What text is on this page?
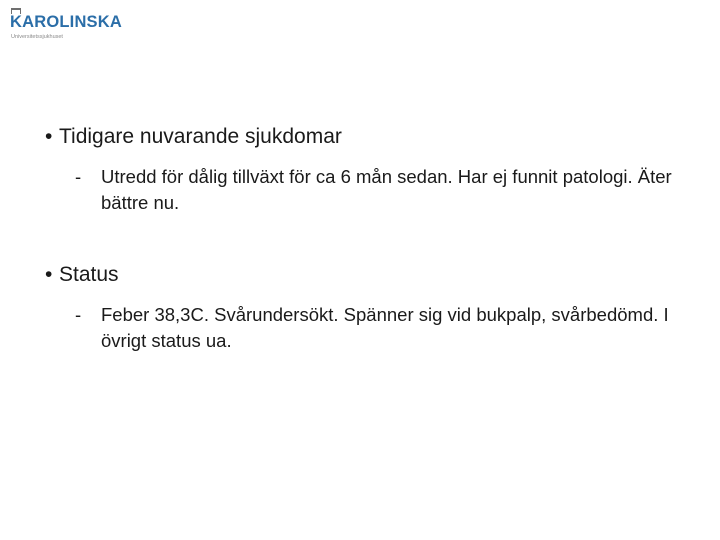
KAROLINSKA
Universitetssjukhuset
• Tidigare nuvarande sjukdomar
-	Utredd för dålig tillväxt för ca 6 mån sedan. Har ej funnit patologi. Äter bättre nu.
• Status
-	Feber 38,3C. Svårundersökt. Spänner sig vid bukpalp, svårbedömd. I övrigt status ua.
